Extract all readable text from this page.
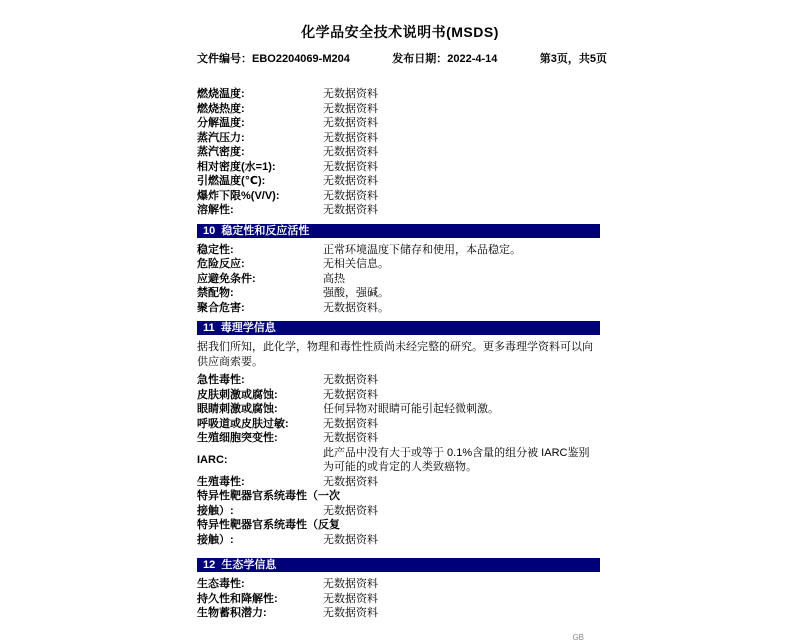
化学品安全技术说明书(MSDS)
文件编号：EBO2204069-M204	发布日期：2022-4-14	第3页，共5页
燃烧温度:	无数据资料
燃烧热度:	无数据资料
分解温度:	无数据资料
蒸汽压力:	无数据资料
蒸汽密度:	无数据资料
相对密度(水=1):	无数据资料
引燃温度(℃):	无数据资料
爆炸下限%(V/V):	无数据资料
溶解性:	无数据资料
10  稳定性和反应活性
稳定性:	正常环境温度下储存和使用，本品稳定。
危险反应:	无相关信息。
应避免条件:	高热
禁配物:	强酸，强碱。
聚合危害:	无数据资料。
11  毒理学信息
据我们所知，此化学，物理和毒性性质尚未经完整的研究。更多毒理学资料可以向供应商索要。
急性毒性:	无数据资料
皮肤刺激或腐蚀:	无数据资料
眼睛刺激或腐蚀:	任何异物对眼睛可能引起轻微刺激。
呼吸道或皮肤过敏:	无数据资料
生殖细胞突变性:	无数据资料
IARC:
此产品中没有大于或等于 0.1%含量的组分被 IARC鉴别为可能的或肯定的人类致癌物。
生殖毒性:	无数据资料
特异性靶器官系统毒性（一次接触）:	无数据资料
特异性靶器官系统毒性（反复接触）:	无数据资料
12  生态学信息
生态毒性:	无数据资料
持久性和降解性:	无数据资料
生物蓄积潜力:	无数据资料
GB
